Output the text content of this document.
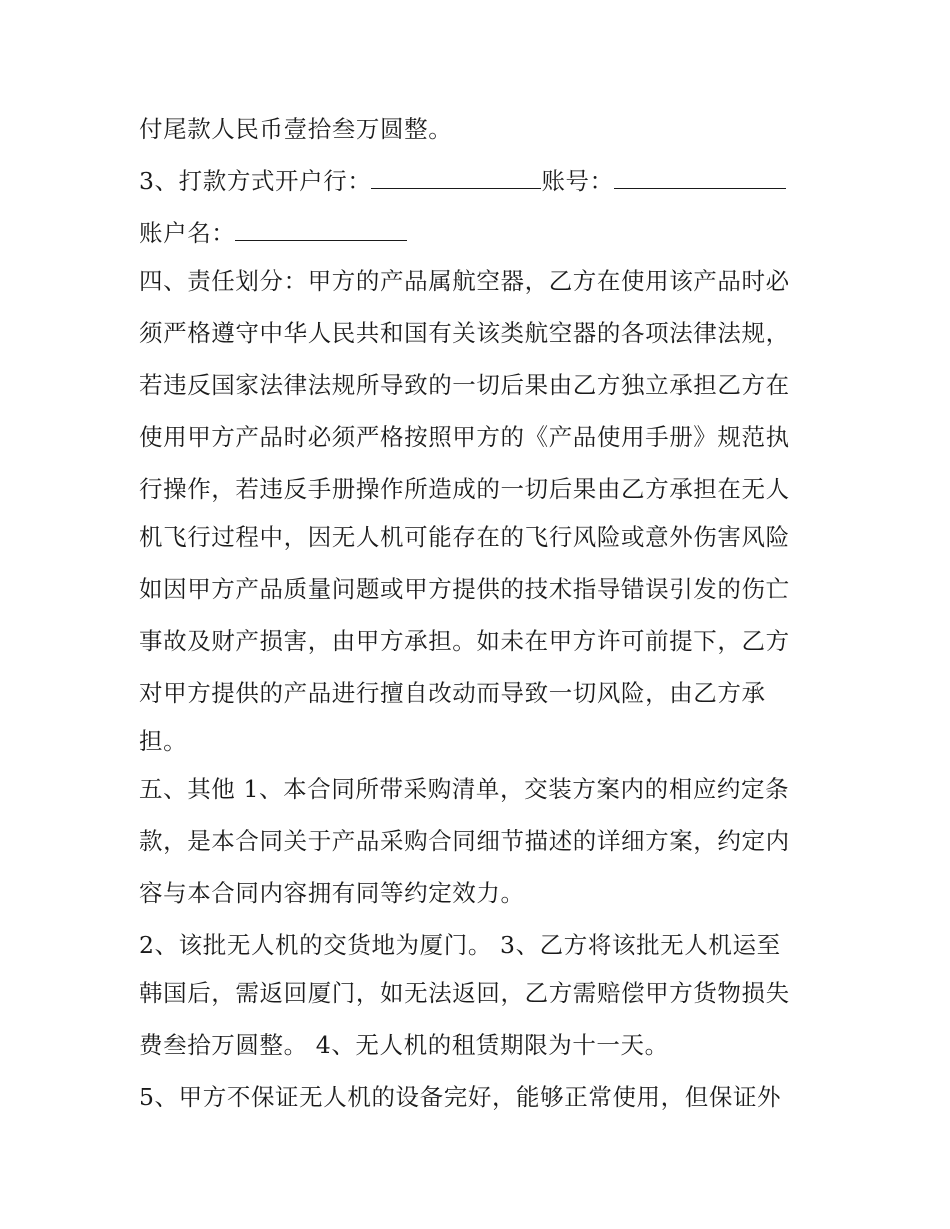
付尾款人民币壹拾叁万圆整。
3、打款方式开户行：	账号：
账户名：
四、责任划分：甲方的产品属航空器，乙方在使用该产品时必
须严格遵守中华人民共和国有关该类航空器的各项法律法规，
若违反国家法律法规所导致的一切后果由乙方独立承担乙方在
使用甲方产品时必须严格按照甲方的《产品使用手册》规范执
行操作，若违反手册操作所造成的一切后果由乙方承担在无人
机飞行过程中，因无人机可能存在的飞行风险或意外伤害风险
如因甲方产品质量问题或甲方提供的技术指导错误引发的伤亡
事故及财产损害，由甲方承担。如未在甲方许可前提下，乙方
对甲方提供的产品进行擅自改动而导致一切风险，由乙方承
担。
五、其他 1、本合同所带采购清单，交装方案内的相应约定条
款，是本合同关于产品采购合同细节描述的详细方案，约定内
容与本合同内容拥有同等约定效力。
2、该批无人机的交货地为厦门。 3、乙方将该批无人机运至
韩国后，需返回厦门，如无法返回，乙方需赔偿甲方货物损失
费叁拾万圆整。 4、无人机的租赁期限为十一天。
5、甲方不保证无人机的设备完好，能够正常使用，但保证外
